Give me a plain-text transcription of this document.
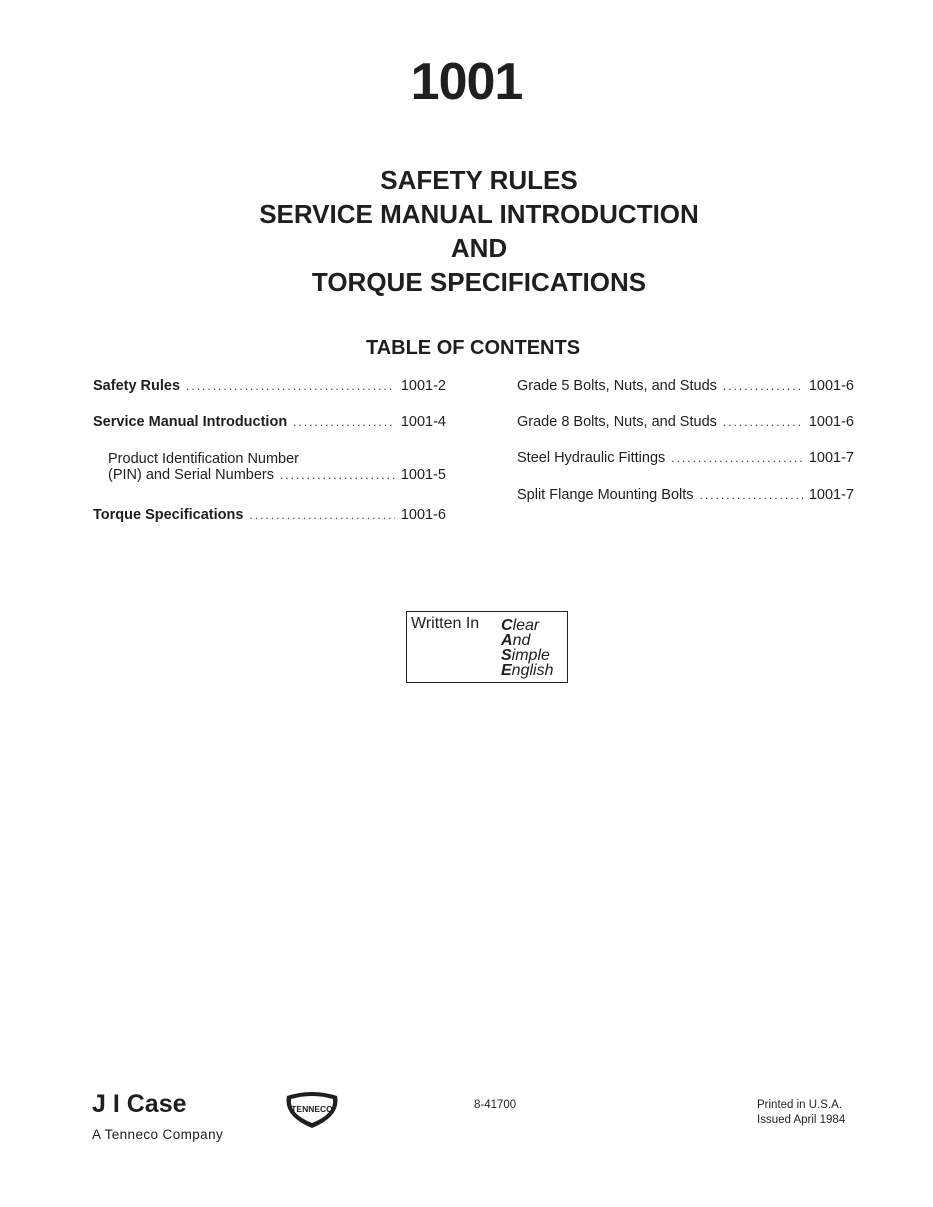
1001
SAFETY RULES
SERVICE MANUAL INTRODUCTION
AND
TORQUE SPECIFICATIONS
TABLE OF CONTENTS
Safety Rules .....	1001-2
Service Manual Introduction .....	1001-4
Product Identification Number
(PIN) and Serial Numbers .....	1001-5
Torque Specifications .....	1001-6
Grade 5 Bolts, Nuts, and Studs .....	1001-6
Grade 8 Bolts, Nuts, and Studs .....	1001-6
Steel Hydraulic Fittings .....	1001-7
Split Flange Mounting Bolts .....	1001-7
Written In Clear
And
Simple
English
J I Case
A Tenneco Company
TENNECO	8-41700	Printed in U.S.A.
Issued April 1984
